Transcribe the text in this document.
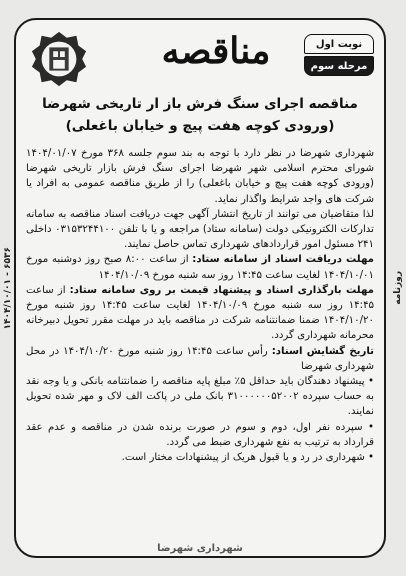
۱۴۰۴/۱۰/۰۱ - ۶۵۳۶	روزنامه
مناقصه	نوبت اول
مرحله سوم
مناقصه اجرای سنگ فرش باز ار تاریخی شهرضا
(ورودی کوچه هفت پیچ و خیابان باغعلی)

شهرداری شهرضا در نظر دارد با توجه به بند سوم جلسه ۳۶۸ مورخ ۱۴۰۴/۰۱/۰۷ شورای محترم اسلامی شهر شهرضا اجرای سنگ فرش بازار تاریخی شهرضا (ورودی کوچه هفت پیچ و خیابان باغعلی) را از طریق مناقصه عمومی به افراد یا شرکت های واجد شرایط واگذار نماید.

لذا متقاضیان می توانند از تاریخ انتشار آگهی جهت دریافت اسناد مناقصه به سامانه تدارکات الکترونیکی دولت (سامانه ستاد) مراجعه و یا با تلفن ۰۳۱۵۳۲۴۴۱۰۰ داخلی ۲۴۱ مسئول امور قراردادهای شهرداری تماس حاصل نمایند.

مهلت دریافت اسناد از سامانه ستاد: از ساعت ۸:۰۰ صبح روز دوشنبه مورخ ۱۴۰۴/۱۰/۰۱ لغایت ساعت ۱۴:۴۵ روز سه شنبه مورخ ۱۴۰۴/۱۰/۰۹

مهلت بارگذاری اسناد و پیشنهاد قیمت بر روی سامانه ستاد: از ساعت ۱۴:۴۵ روز سه شنبه مورخ ۱۴۰۴/۱۰/۰۹ لغایت ساعت ۱۴:۴۵ روز شنبه مورخ ۱۴۰۴/۱۰/۲۰ ضمنا ضمانتنامه شرکت در مناقصه باید در مهلت مقرر تحویل دبیرخانه محرمانه شهرداری گردد.

تاریخ گشایش اسناد: رأس ساعت ۱۴:۴۵ روز شنبه مورخ ۱۴۰۴/۱۰/۲۰ در محل شهرداری شهرضا

• پیشنهاد دهندگان باید حداقل ۵٪ مبلغ پایه مناقصه را ضمانتنامه بانکی و یا وجه نقد به حساب سپرده ۳۱۰۰۰۰۰۰۵۲۰۰۲ بانک ملی در پاکت الف لاک و مهر شده تحویل نمایند.

• سپرده نفر اول، دوم و سوم در صورت برنده شدن در مناقصه و عدم عقد قرارداد به ترتیب به نفع شهرداری ضبط می گردد.

• شهرداری در رد و یا قبول هریک از پیشنهادات مختار است.

شهرداری شهرضا
